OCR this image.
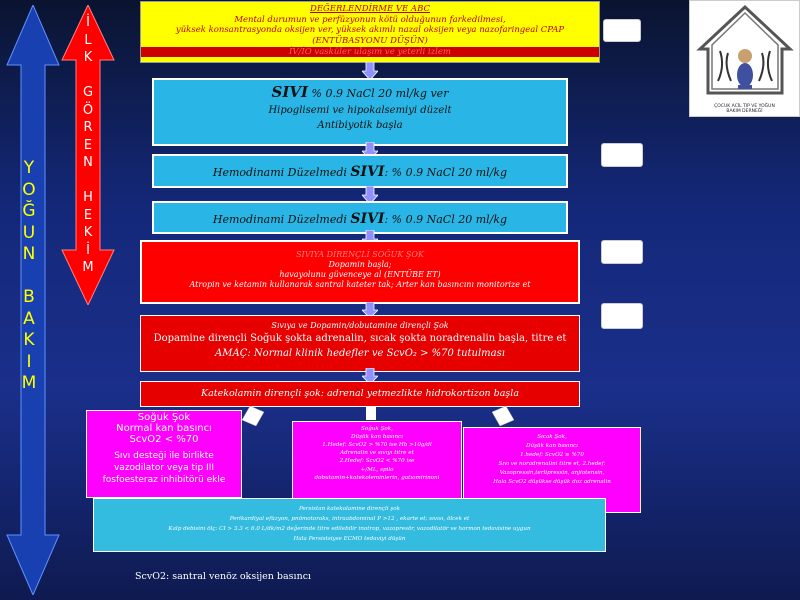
Y
O
Ğ
U
N

B
A
K
I
M
İ
L
K

G
Ö
R
E
N

H
E
K
İ
M
DEĞERLENDİRME VE ABC
Mental durumun ve perfüzyonun kötü olduğunun farkedilmesi,
yüksek konsantrasyonda oksijen ver, yüksek akımlı nazal oksijen veya nazofaringeal CPAP
(ENTÜBASYONU DÜŞÜN)
İV/İO vasküler ulaşım ve yeterli izlem
SIVI % 0.9 NaCl 20 ml/kg ver
Hipoglisemi ve hipokalsemiyi düzelt
Antibiyotik başla
Hemodinami Düzelmedi SIVI: % 0.9 NaCl 20 ml/kg
Hemodinami Düzelmedi SIVI: % 0.9 NaCl 20 ml/kg
SIVIYA DİRENÇLİ SOĞUK ŞOK
Dopamin başla;
havayolunu güvenceye al (ENTÜBE ET)
Atropin ve ketamin kullanarak santral kateter tak; Arter kan basıncını monitorize et
Sıvıya ve Dopamin/dobutamine dirençli Şok
Dopamine dirençli Soğuk şokta adrenalin, sıcak şokta noradrenalin başla, titre et
AMAÇ: Normal klinik hedefler ve ScvO₂ > %70 tutulması
Katekolamin dirençli şok: adrenal yetmezlikte hidrokortizon başla
Soğuk Şok
Normal kan basıncı
ScvO2 < %70
Sıvı desteği ile birlikte vazodilator veya tip III fosfoesteraz inhibitörü ekle
Soğuk Şok,
Düşük kan basıncı
1.Hedef: ScvO2 > %70 ise Hb >10g/dl
Adrenalin ve sıvıyı titre et
2.Hedef: ScvO2 < %70 ise
+/ML, spilo
dobutamin+katekoleminlerin, gatıomirinoni
Sıcak Şok,
Düşük kan basıncı
1.hedef: ScvO2 ≥ %70
Sıvı ve noradrenalini titre et, 2.hedef:
Vazopressin,terlipressin, anjiotensin,
Hala ScvO2 düşükse düşük doz adrenalin
Persistan katekolamine dirençli şok
Perikardiyal efüzyon, pnömotoraks, intraabdominal P >12 , ekarte et; sıvısı, ölcek et
Kalp debisini ölç: CI > 3.3 < 6.0 L/dk/m2 değerinde titre edilebilir inotrop, vazopresör, vazodilatör ve hormon tedavisine uygun
Hala Persistsiyse ECMO tedaviyi düşün
ScvO2: santral venöz oksijen basıncı
ÇOCUK ACİL TIP VE YOĞUN BAKIM DERNEĞİ
